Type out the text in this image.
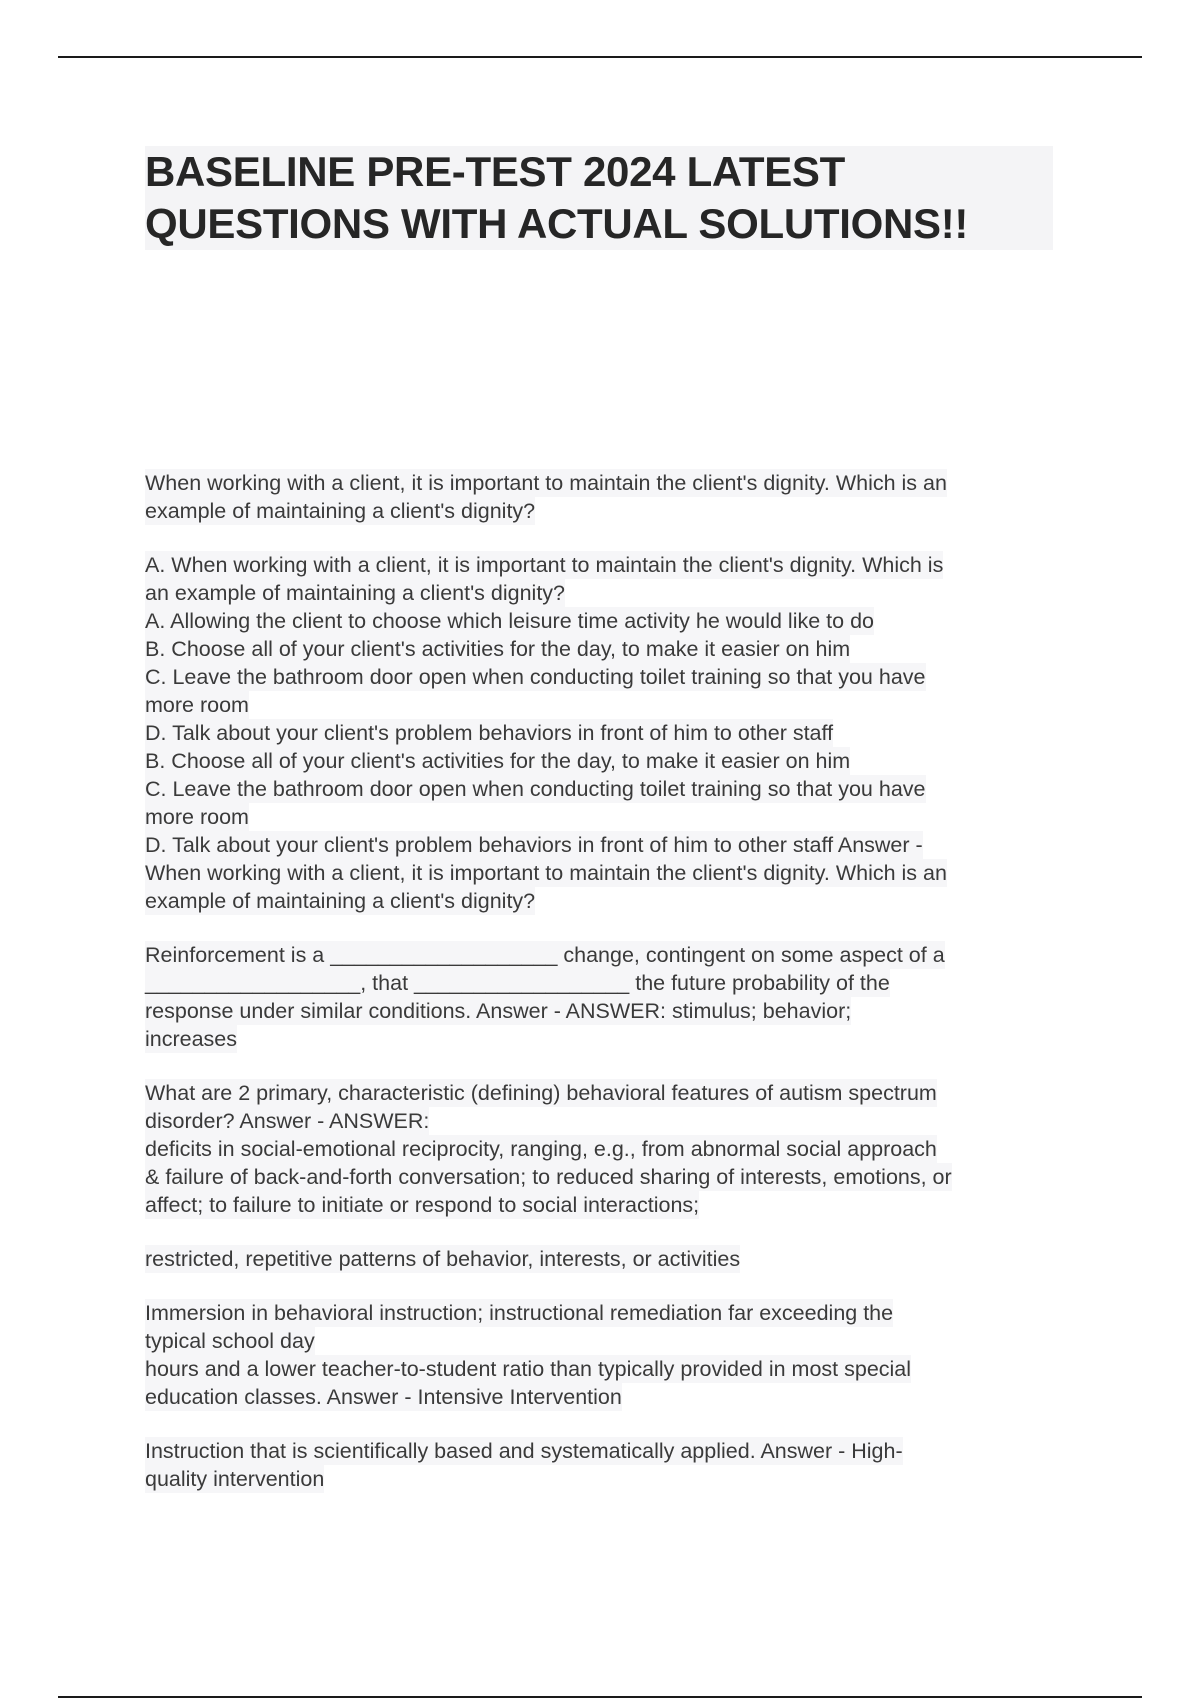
BASELINE PRE-TEST 2024 LATEST
QUESTIONS WITH ACTUAL SOLUTIONS!!
When working with a client, it is important to maintain the client's dignity. Which is an
example of maintaining a client's dignity?
A. When working with a client, it is important to maintain the client's dignity. Which is
an example of maintaining a client's dignity?
A. Allowing the client to choose which leisure time activity he would like to do
B. Choose all of your client's activities for the day, to make it easier on him
C. Leave the bathroom door open when conducting toilet training so that you have
more room
D. Talk about your client's problem behaviors in front of him to other staff
B. Choose all of your client's activities for the day, to make it easier on him
C. Leave the bathroom door open when conducting toilet training so that you have
more room
D. Talk about your client's problem behaviors in front of him to other staff Answer -
When working with a client, it is important to maintain the client's dignity. Which is an
example of maintaining a client's dignity?
Reinforcement is a ___________________ change, contingent on some aspect of a
__________________, that __________________ the future probability of the
response under similar conditions. Answer - ANSWER: stimulus; behavior;
increases
What are 2 primary, characteristic (defining) behavioral features of autism spectrum
disorder? Answer - ANSWER:
deficits in social-emotional reciprocity, ranging, e.g., from abnormal social approach
& failure of back-and-forth conversation; to reduced sharing of interests, emotions, or
affect; to failure to initiate or respond to social interactions;
restricted, repetitive patterns of behavior, interests, or activities
Immersion in behavioral instruction; instructional remediation far exceeding the
typical school day
hours and a lower teacher-to-student ratio than typically provided in most special
education classes. Answer - Intensive Intervention
Instruction that is scientifically based and systematically applied. Answer - High-
quality intervention
